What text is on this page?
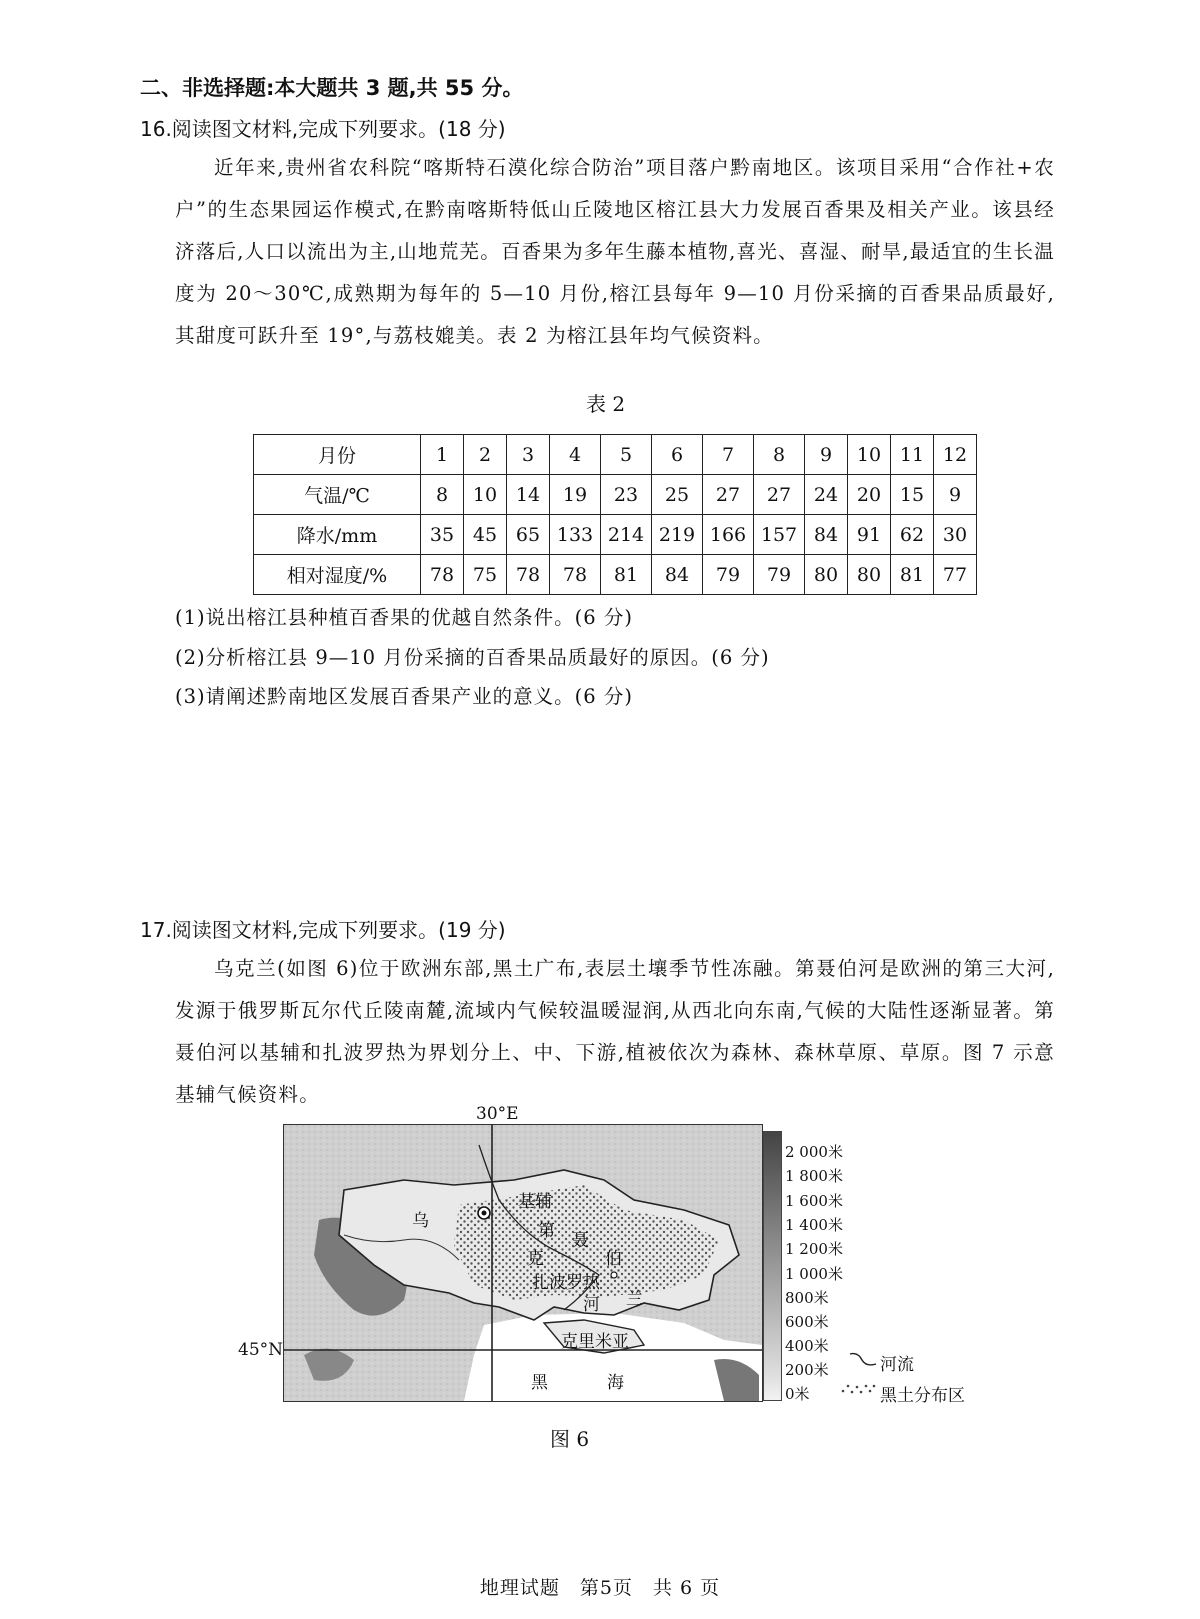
二、非选择题:本大题共 3 题,共 55 分。
16.阅读图文材料,完成下列要求。(18 分)

近年来,贵州省农科院“喀斯特石漠化综合防治”项目落户黔南地区。该项目采用“合作社+农户”的生态果园运作模式,在黔南喀斯特低山丘陵地区榕江县大力发展百香果及相关产业。该县经济落后,人口以流出为主,山地荒芜。百香果为多年生藤本植物,喜光、喜湿、耐旱,最适宜的生长温度为 20～30℃,成熟期为每年的 5—10 月份,榕江县每年 9—10 月份采摘的百香果品质最好,其甜度可跃升至 19°,与荔枝媲美。表 2 为榕江县年均气候资料。

表 2
月份	1	2	3	4	5	6	7	8	9	10	11	12
气温/℃	8	10	14	19	23	25	27	27	24	20	15	9
降水/mm	35	45	65	133	214	219	166	157	84	91	62	30
相对湿度/%	78	75	78	78	81	84	79	79	80	80	81	77
(1)说出榕江县种植百香果的优越自然条件。(6 分)
(2)分析榕江县 9—10 月份采摘的百香果品质最好的原因。(6 分)
(3)请阐述黔南地区发展百香果产业的意义。(6 分)
17.阅读图文材料,完成下列要求。(19 分)

乌克兰(如图 6)位于欧洲东部,黑土广布,表层土壤季节性冻融。第聂伯河是欧洲的第三大河,发源于俄罗斯瓦尔代丘陵南麓,流域内气候较温暖湿润,从西北向东南,气候的大陆性逐渐显著。第聂伯河以基辅和扎波罗热为界划分上、中、下游,植被依次为森林、森林草原、草原。图 7 示意基辅气候资料。

30°E
45°N
基辅
扎波罗热
克里米亚
乌
克
兰
第 聂
伯
河
黑	海
2 000米
1 800米
1 600米
1 400米
1 200米
1 000米
800米
600米
400米
200米
0米
河流
黑土分布区
图 6
地理试题　第5页　共 6 页
